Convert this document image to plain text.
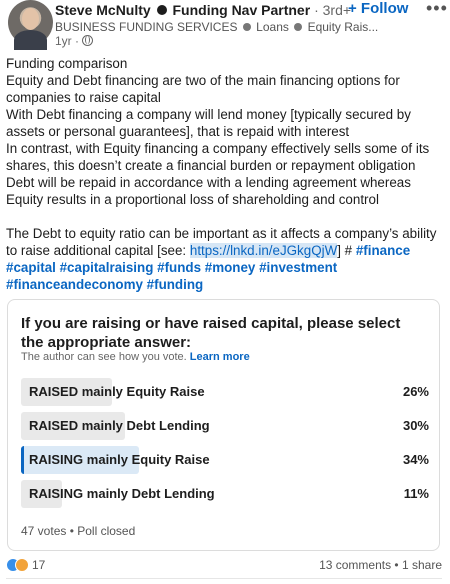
Steve McNulty Funding Nav Partner · 3rd+
BUSINESS FUNDING SERVICES Loans Equity Rais...
1yr ·
+ Follow •••

Funding comparison

Equity and Debt financing are two of the main financing options for companies to raise capital

With Debt financing a company will lend money [typically secured by assets or personal guarantees], that is repaid with interest

In contrast, with Equity financing a company effectively sells some of its shares, this doesn’t create a financial burden or repayment obligation

Debt will be repaid in accordance with a lending agreement whereas Equity results in a proportional loss of shareholding and control

The Debt to equity ratio can be important as it affects a company’s ability to raise additional capital [see: https://lnkd.in/eJGkgQjW] # #finance #capital #capitalraising #funds #money #investment #financeandeconomy #funding

If you are raising or have raised capital, please select the appropriate answer:
The author can see how you vote. Learn more
RAISED mainly Equity Raise	26%
RAISED mainly Debt Lending	30%
RAISING mainly Equity Raise	34%
RAISING mainly Debt Lending	11%
47 votes • Poll closed
17	13 comments • 1 share
